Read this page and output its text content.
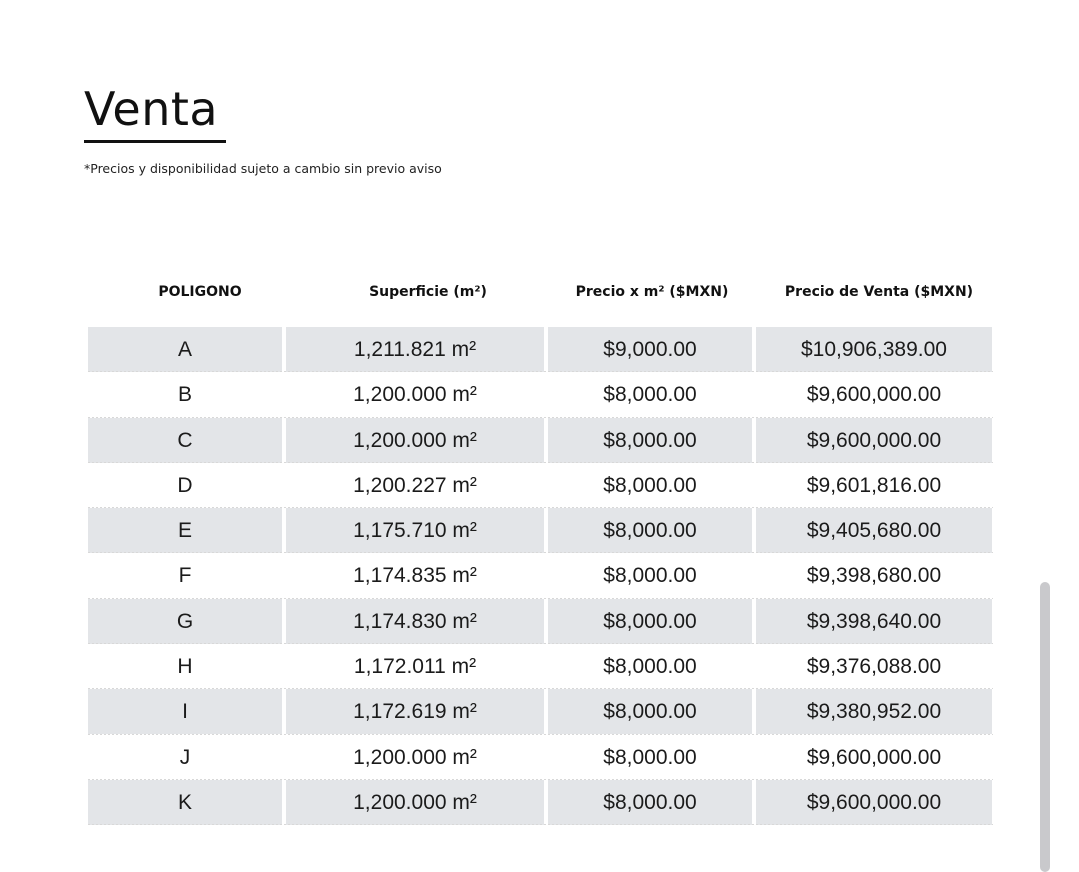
Venta
*Precios y disponibilidad sujeto a cambio sin previo aviso
POLIGONO	Superficie (m²)	Precio x m² ($MXN)	Precio de Venta ($MXN)
A	1,211.821 m²	$9,000.00	$10,906,389.00
B	1,200.000 m²	$8,000.00	$9,600,000.00
C	1,200.000 m²	$8,000.00	$9,600,000.00
D	1,200.227 m²	$8,000.00	$9,601,816.00
E	1,175.710 m²	$8,000.00	$9,405,680.00
F	1,174.835 m²	$8,000.00	$9,398,680.00
G	1,174.830 m²	$8,000.00	$9,398,640.00
H	1,172.011 m²	$8,000.00	$9,376,088.00
I	1,172.619 m²	$8,000.00	$9,380,952.00
J	1,200.000 m²	$8,000.00	$9,600,000.00
K	1,200.000 m²	$8,000.00	$9,600,000.00
